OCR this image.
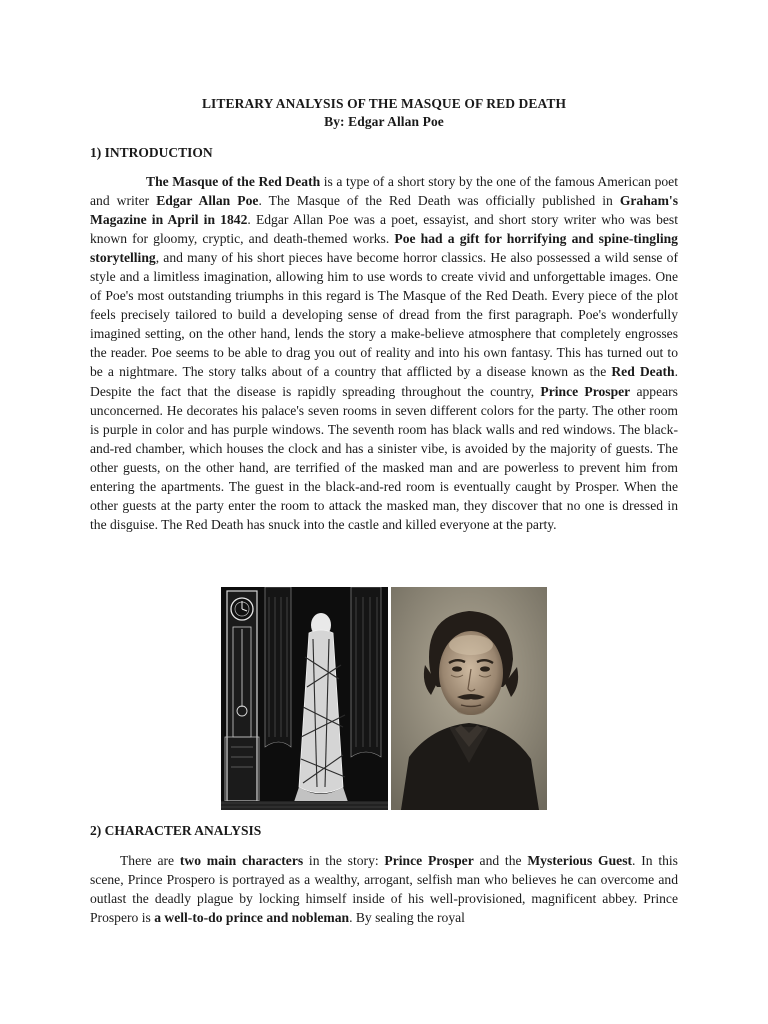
LITERARY ANALYSIS OF THE MASQUE OF RED DEATH
By: Edgar Allan Poe
1) INTRODUCTION
The Masque of the Red Death is a type of a short story by the one of the famous American poet and writer Edgar Allan Poe. The Masque of the Red Death was officially published in Graham's Magazine in April in 1842. Edgar Allan Poe was a poet, essayist, and short story writer who was best known for gloomy, cryptic, and death-themed works. Poe had a gift for horrifying and spine-tingling storytelling, and many of his short pieces have become horror classics. He also possessed a wild sense of style and a limitless imagination, allowing him to use words to create vivid and unforgettable images. One of Poe's most outstanding triumphs in this regard is The Masque of the Red Death. Every piece of the plot feels precisely tailored to build a developing sense of dread from the first paragraph. Poe's wonderfully imagined setting, on the other hand, lends the story a make-believe atmosphere that completely engrosses the reader. Poe seems to be able to drag you out of reality and into his own fantasy. This has turned out to be a nightmare. The story talks about of a country that afflicted by a disease known as the Red Death. Despite the fact that the disease is rapidly spreading throughout the country, Prince Prosper appears unconcerned. He decorates his palace's seven rooms in seven different colors for the party. The other room is purple in color and has purple windows. The seventh room has black walls and red windows. The black-and-red chamber, which houses the clock and has a sinister vibe, is avoided by the majority of guests. The other guests, on the other hand, are terrified of the masked man and are powerless to prevent him from entering the apartments. The guest in the black-and-red room is eventually caught by Prosper. When the other guests at the party enter the room to attack the masked man, they discover that no one is dressed in the disguise. The Red Death has snuck into the castle and killed everyone at the party.
2) CHARACTER ANALYSIS
There are two main characters in the story: Prince Prosper and the Mysterious Guest. In this scene, Prince Prospero is portrayed as a wealthy, arrogant, selfish man who believes he can overcome and outlast the deadly plague by locking himself inside of his well-provisioned, magnificent abbey. Prince Prospero is a well-to-do prince and nobleman. By sealing the royal
